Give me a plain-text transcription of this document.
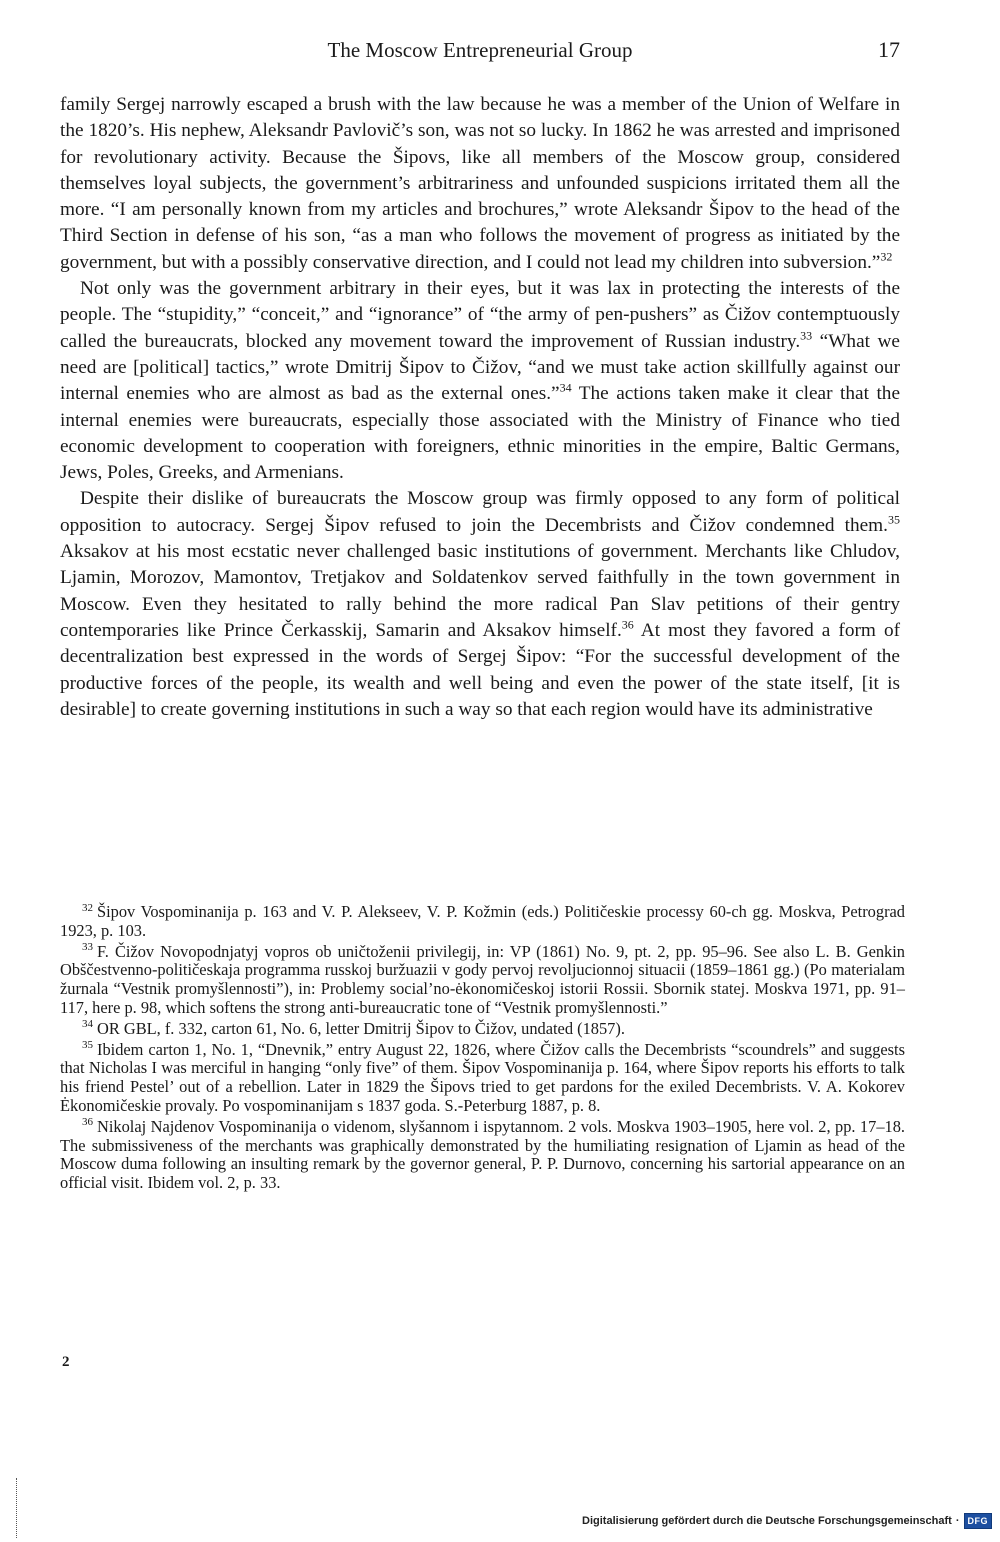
The Moscow Entrepreneurial Group	17

family Sergej narrowly escaped a brush with the law because he was a member of the Union of Welfare in the 1820’s. His nephew, Aleksandr Pavlovič’s son, was not so lucky. In 1862 he was arrested and imprisoned for revolutionary activity. Because the Šipovs, like all members of the Moscow group, considered themselves loyal subjects, the government’s arbitrariness and unfounded suspicions irritated them all the more. “I am personally known from my articles and brochures,” wrote Aleksandr Šipov to the head of the Third Section in defense of his son, “as a man who follows the movement of progress as initiated by the government, but with a possibly conservative direction, and I could not lead my children into subversion.”$^{32}$

Not only was the government arbitrary in their eyes, but it was lax in protecting the interests of the people. The “stupidity,” “conceit,” and “ignorance” of “the army of pen-pushers” as Čižov contemptuously called the bureaucrats, blocked any movement toward the improvement of Russian industry.$^{33}$ “What we need are [political] tactics,” wrote Dmitrij Šipov to Čižov, “and we must take action skillfully against our internal enemies who are almost as bad as the external ones.”$^{34}$ The actions taken make it clear that the internal enemies were bureaucrats, especially those associated with the Ministry of Finance who tied economic development to cooperation with foreigners, ethnic minorities in the empire, Baltic Germans, Jews, Poles, Greeks, and Armenians.

Despite their dislike of bureaucrats the Moscow group was firmly opposed to any form of political opposition to autocracy. Sergej Šipov refused to join the Decembrists and Čižov condemned them.$^{35}$ Aksakov at his most ecstatic never challenged basic institutions of government. Merchants like Chludov, Ljamin, Morozov, Mamontov, Tretjakov and Soldatenkov served faithfully in the town government in Moscow. Even they hesitated to rally behind the more radical Pan Slav petitions of their gentry contemporaries like Prince Čerkasskij, Samarin and Aksakov himself.$^{36}$ At most they favored a form of decentralization best expressed in the words of Sergej Šipov: “For the successful development of the productive forces of the people, its wealth and well being and even the power of the state itself, [it is desirable] to create governing institutions in such a way so that each region would have its administrative

$^{32}$ Šipov Vospominanija p. 163 and V. P. Alekseev, V. P. Kožmin (eds.) Političeskie processy 60-ch gg. Moskva, Petrograd 1923, p. 103.

$^{33}$ F. Čižov Novopodnjatyj vopros ob uničtoženii privilegij, in: VP (1861) No. 9, pt. 2, pp. 95–96. See also L. B. Genkin Obščestvenno-političeskaja programma russkoj buržuazii v gody pervoj revoljucionnoj situacii (1859–1861 gg.) (Po materialam žurnala “Vestnik promyšlennosti”), in: Problemy social’no-ėkonomičeskoj istorii Rossii. Sbornik statej. Moskva 1971, pp. 91–117, here p. 98, which softens the strong anti-bureaucratic tone of “Vestnik promyšlennosti.”

$^{34}$ OR GBL, f. 332, carton 61, No. 6, letter Dmitrij Šipov to Čižov, undated (1857).

$^{35}$ Ibidem carton 1, No. 1, “Dnevnik,” entry August 22, 1826, where Čižov calls the Decembrists “scoundrels” and suggests that Nicholas I was merciful in hanging “only five” of them. Šipov Vospominanija p. 164, where Šipov reports his efforts to talk his friend Pestel’ out of a rebellion. Later in 1829 the Šipovs tried to get pardons for the exiled Decembrists. V. A. Kokorev Ėkonomičeskie provaly. Po vospominanijam s 1837 goda. S.-Peterburg 1887, p. 8.

$^{36}$ Nikolaj Najdenov Vospominanija o videnom, slyšannom i ispytannom. 2 vols. Moskva 1903–1905, here vol. 2, pp. 17–18. The submissiveness of the merchants was graphically demonstrated by the humiliating resignation of Ljamin as head of the Moscow duma following an insulting remark by the governor general, P. P. Durnovo, concerning his sartorial appearance on an official visit. Ibidem vol. 2, p. 33.

2
Digitalisierung gefördert durch die Deutsche Forschungsgemeinschaft · DFG
